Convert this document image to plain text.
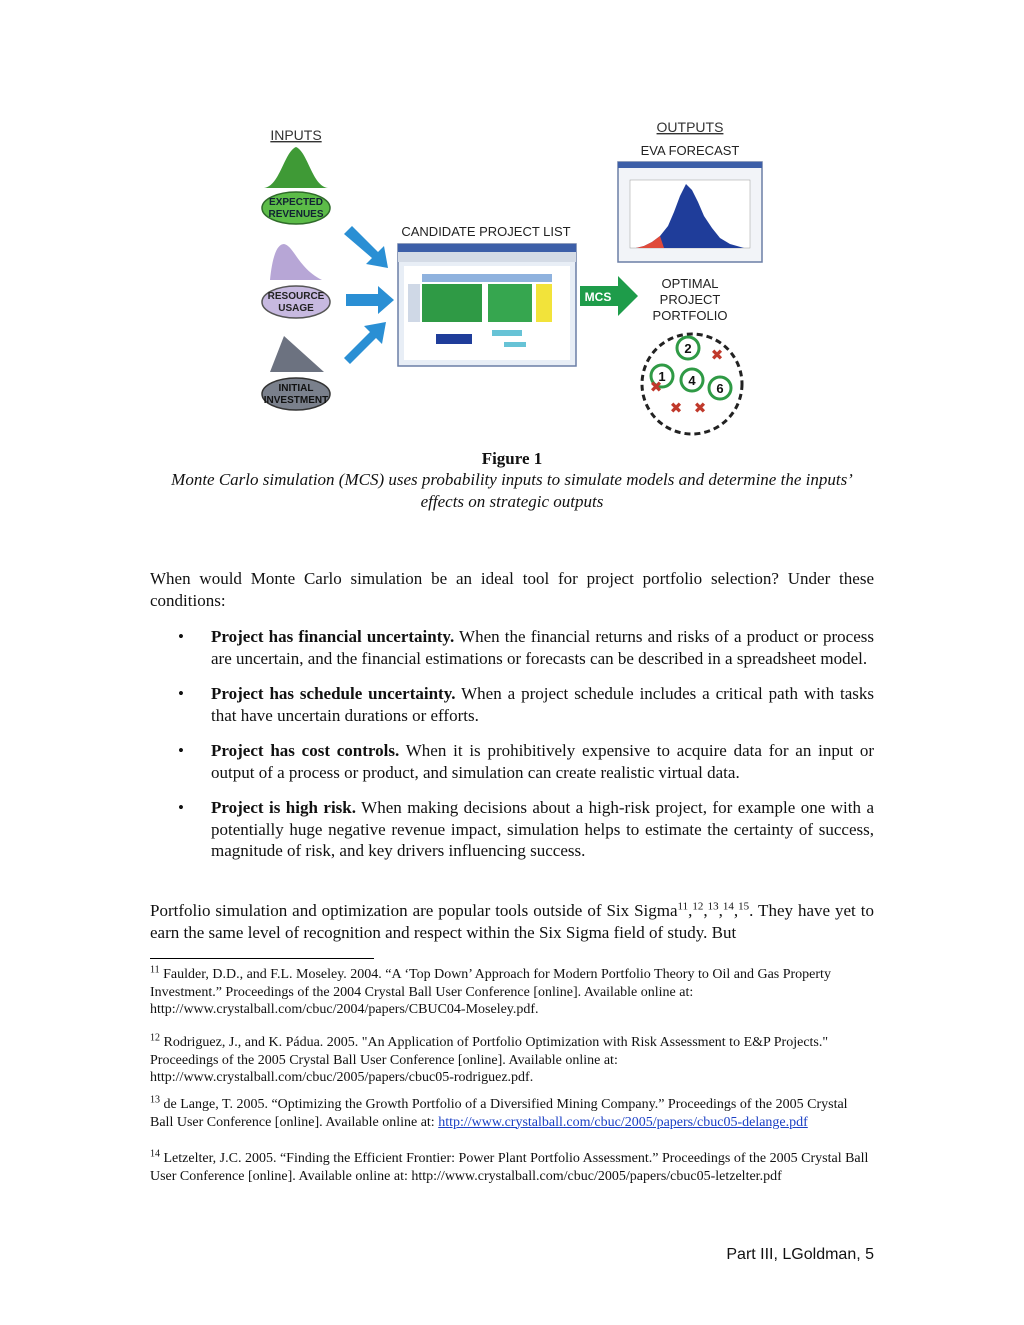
INPUTS
EXPECTED
REVENUES
RESOURCE
USAGE
INITIAL
INVESTMENT
CANDIDATE PROJECT LIST
MCS
OUTPUTS
EVA FORECAST
OPTIMAL
PROJECT
PORTFOLIO
1
2
4
6
✖
✖
✖ ✖
Figure 1
Monte Carlo simulation (MCS) uses probability inputs to simulate models and determine the inputs’ effects on strategic outputs
When would Monte Carlo simulation be an ideal tool for project portfolio selection? Under these conditions:
• Project has financial uncertainty. When the financial returns and risks of a product or process are uncertain, and the financial estimations or forecasts can be described in a spreadsheet model.
• Project has schedule uncertainty. When a project schedule includes a critical path with tasks that have uncertain durations or efforts.
• Project has cost controls. When it is prohibitively expensive to acquire data for an input or output of a process or product, and simulation can create realistic virtual data.
• Project is high risk. When making decisions about a high-risk project, for example one with a potentially huge negative revenue impact, simulation helps to estimate the certainty of success, magnitude of risk, and key drivers influencing success.
Portfolio simulation and optimization are popular tools outside of Six Sigma$^{11}$,$^{12}$,$^{13}$,$^{14}$,$^{15}$. They have yet to earn the same level of recognition and respect within the Six Sigma field of study. But
$^{11}$ Faulder, D.D., and F.L. Moseley. 2004. “A ‘Top Down’ Approach for Modern Portfolio Theory to Oil and Gas Property Investment.” Proceedings of the 2004 Crystal Ball User Conference [online]. Available online at: http://www.crystalball.com/cbuc/2004/papers/CBUC04-Moseley.pdf.
$^{12}$ Rodriguez, J., and K. Pádua. 2005. "An Application of Portfolio Optimization with Risk Assessment to E&P Projects." Proceedings of the 2005 Crystal Ball User Conference [online]. Available online at: http://www.crystalball.com/cbuc/2005/papers/cbuc05-rodriguez.pdf.
$^{13}$ de Lange, T. 2005. “Optimizing the Growth Portfolio of a Diversified Mining Company.” Proceedings of the 2005 Crystal Ball User Conference [online]. Available online at: http://www.crystalball.com/cbuc/2005/papers/cbuc05-delange.pdf
$^{14}$ Letzelter, J.C. 2005. “Finding the Efficient Frontier: Power Plant Portfolio Assessment.” Proceedings of the 2005 Crystal Ball User Conference [online]. Available online at: http://www.crystalball.com/cbuc/2005/papers/cbuc05-letzelter.pdf
Part III, LGoldman, 5
